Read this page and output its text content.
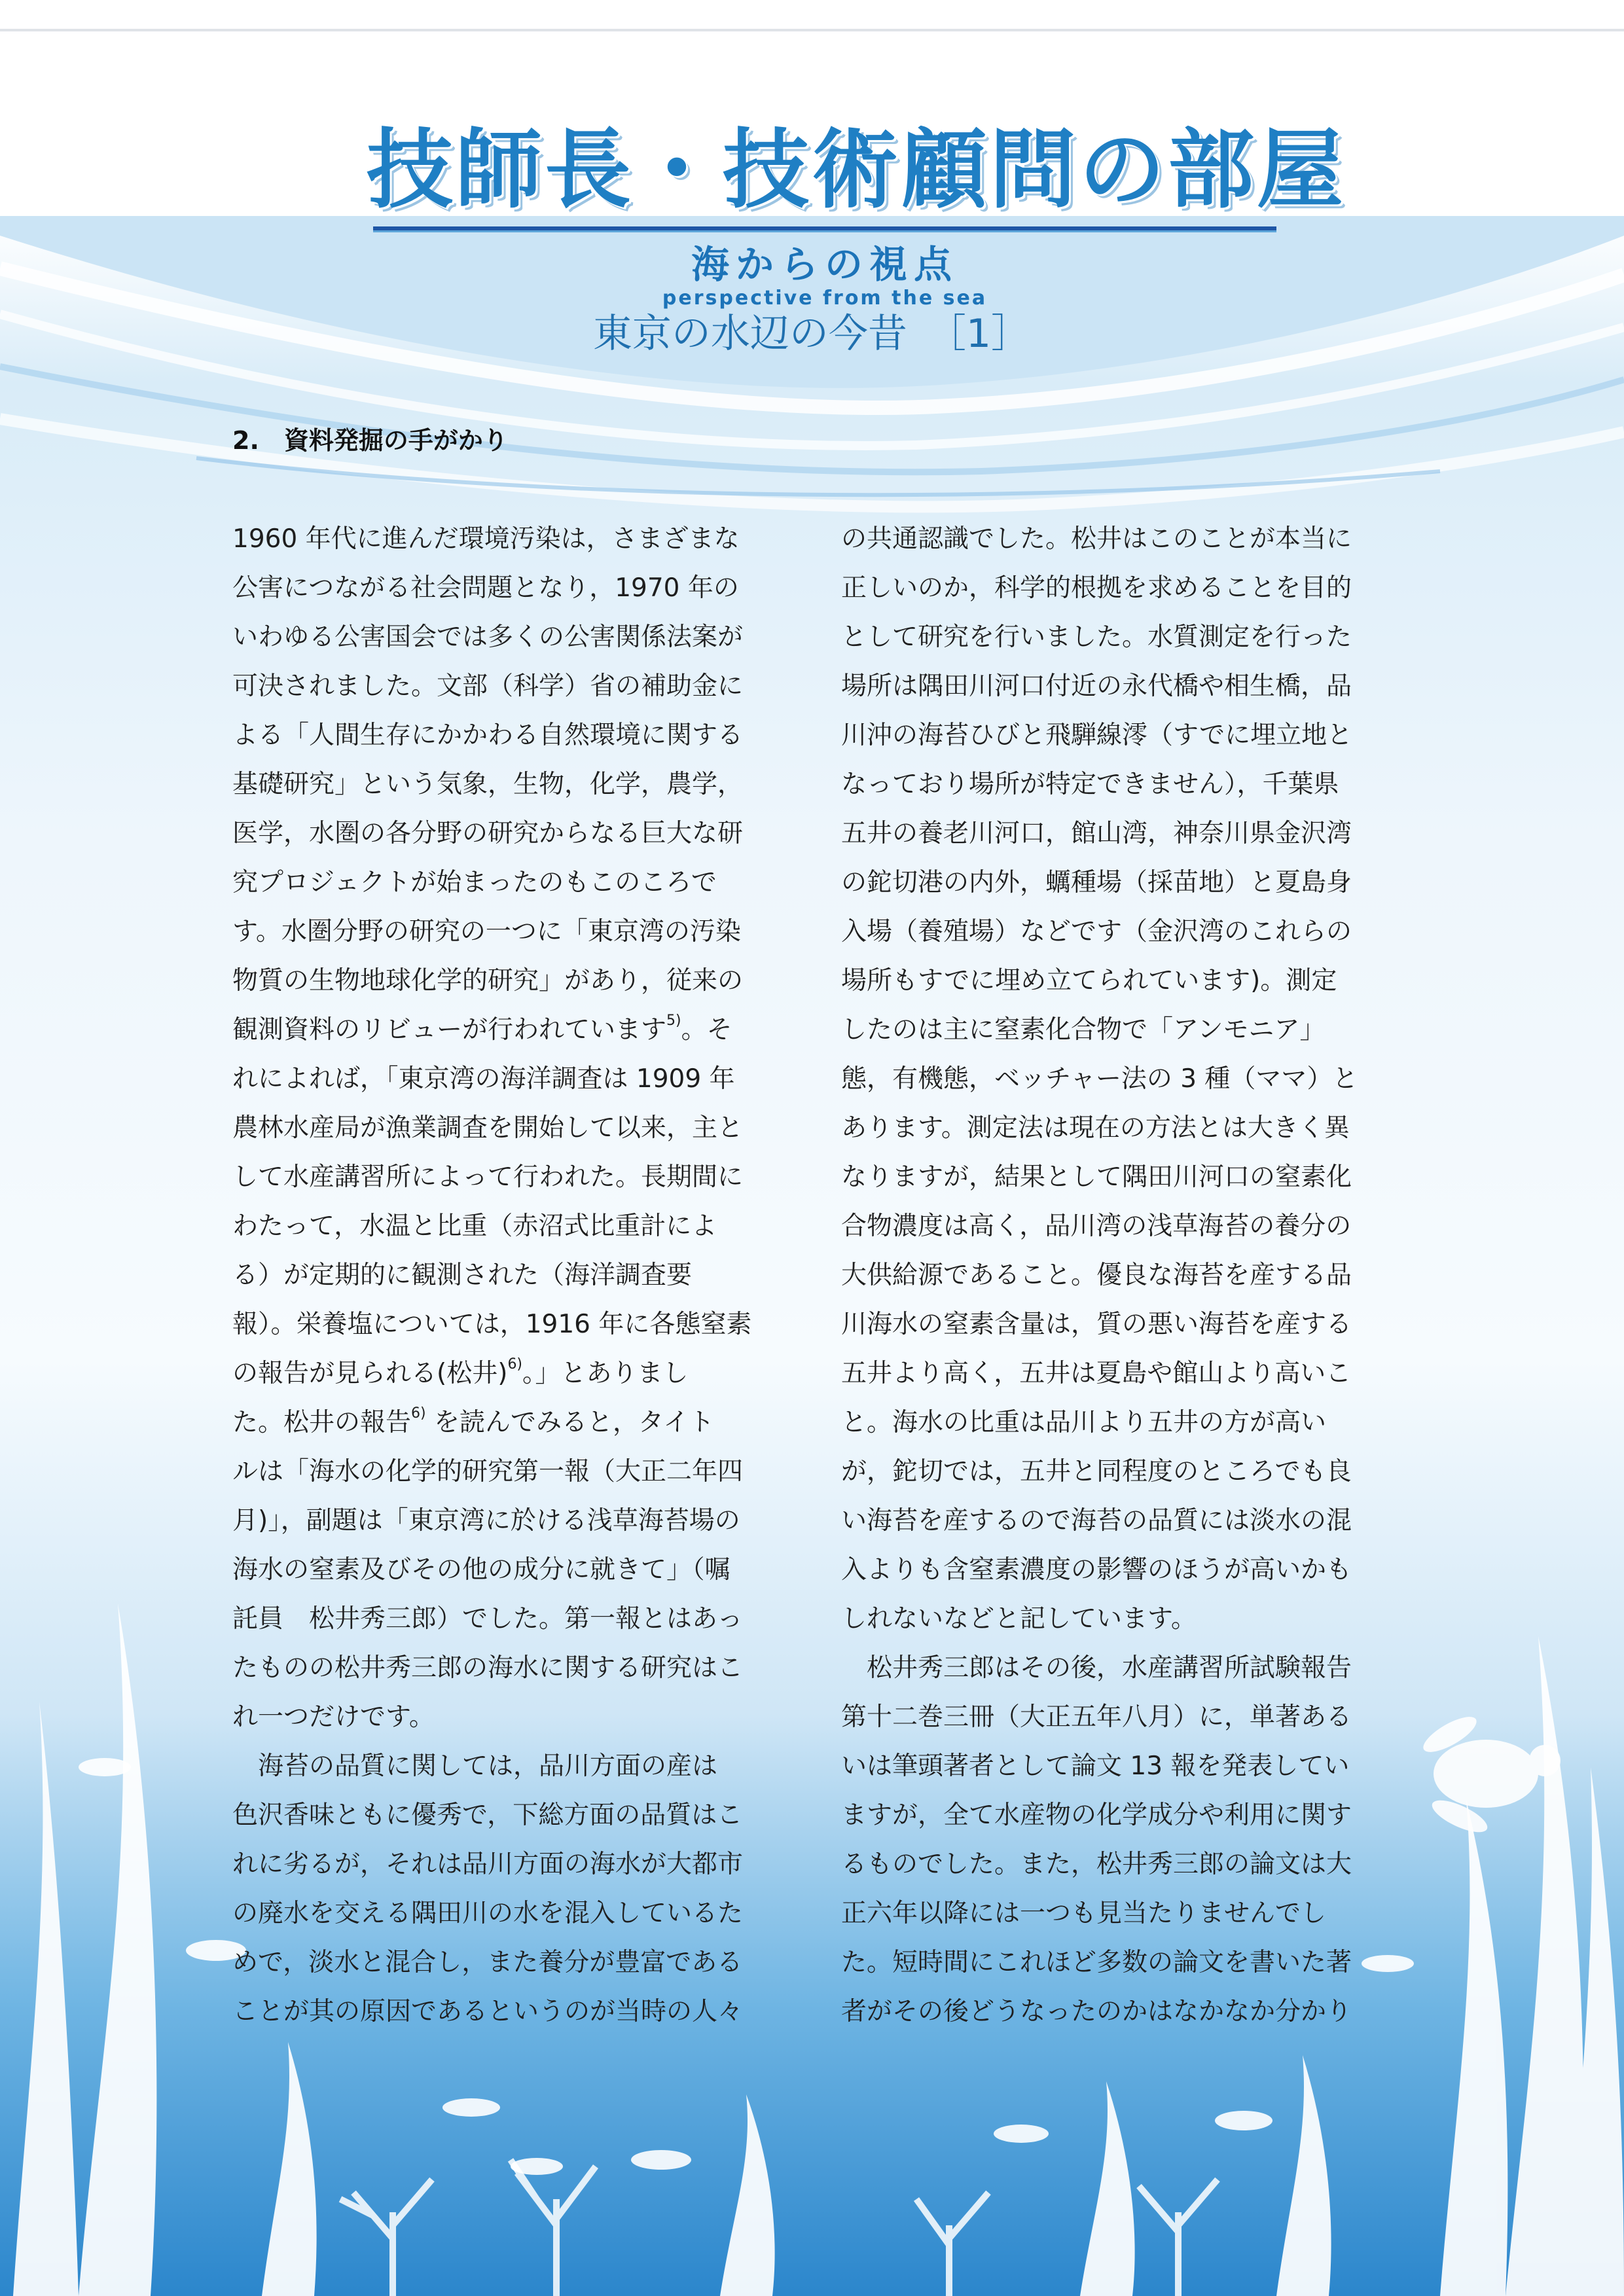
技師長・技術顧問の部屋
海からの視点
perspective from the sea
東京の水辺の今昔　［1］
2.　資料発掘の手がかり
1960 年代に進んだ環境汚染は，さまざまな
公害につながる社会問題となり，1970 年の
いわゆる公害国会では多くの公害関係法案が
可決されました。文部（科学）省の補助金に
よる「人間生存にかかわる自然環境に関する
基礎研究」という気象，生物，化学，農学，
医学，水圏の各分野の研究からなる巨大な研
究プロジェクトが始まったのもこのころで
す。水圏分野の研究の一つに「東京湾の汚染
物質の生物地球化学的研究」があり，従来の
観測資料のリビューが行われています$^{5)}$。そ
れによれば，「東京湾の海洋調査は 1909 年
農林水産局が漁業調査を開始して以来，主と
して水産講習所によって行われた。長期間に
わたって，水温と比重（赤沼式比重計によ
る）が定期的に観測された（海洋調査要
報）。栄養塩については，1916 年に各態窒素
の報告が見られる(松井)$^{6)}$。」とありまし
た。松井の報告$^{6)}$ を読んでみると，タイト
ルは「海水の化学的研究第一報（大正二年四
月)」，副題は「東京湾に於ける浅草海苔場の
海水の窒素及びその他の成分に就きて」（嘱
託員　松井秀三郎）でした。第一報とはあっ
たものの松井秀三郎の海水に関する研究はこ
れ一つだけです。
　海苔の品質に関しては，品川方面の産は
色沢香味ともに優秀で，下総方面の品質はこ
れに劣るが，それは品川方面の海水が大都市
の廃水を交える隅田川の水を混入しているた
めで，淡水と混合し，また養分が豊富である
ことが其の原因であるというのが当時の人々
の共通認識でした。松井はこのことが本当に
正しいのか，科学的根拠を求めることを目的
として研究を行いました。水質測定を行った
場所は隅田川河口付近の永代橋や相生橋，品
川沖の海苔ひびと飛騨線澪（すでに埋立地と
なっており場所が特定できません），千葉県
五井の養老川河口，館山湾，神奈川県金沢湾
の鉈切港の内外，蠣種場（採苗地）と夏島身
入場（養殖場）などです（金沢湾のこれらの
場所もすでに埋め立てられています)。測定
したのは主に窒素化合物で「アンモニア」
態，有機態，ベッチャー法の 3 種（ママ）と
あります。測定法は現在の方法とは大きく異
なりますが，結果として隅田川河口の窒素化
合物濃度は高く，品川湾の浅草海苔の養分の
大供給源であること。優良な海苔を産する品
川海水の窒素含量は，質の悪い海苔を産する
五井より高く，五井は夏島や館山より高いこ
と。海水の比重は品川より五井の方が高い
が，鉈切では，五井と同程度のところでも良
い海苔を産するので海苔の品質には淡水の混
入よりも含窒素濃度の影響のほうが高いかも
しれないなどと記しています。
　松井秀三郎はその後，水産講習所試験報告
第十二巻三冊（大正五年八月）に，単著ある
いは筆頭著者として論文 13 報を発表してい
ますが，全て水産物の化学成分や利用に関す
るものでした。また，松井秀三郎の論文は大
正六年以降には一つも見当たりませんでし
た。短時間にこれほど多数の論文を書いた著
者がその後どうなったのかはなかなか分かり
